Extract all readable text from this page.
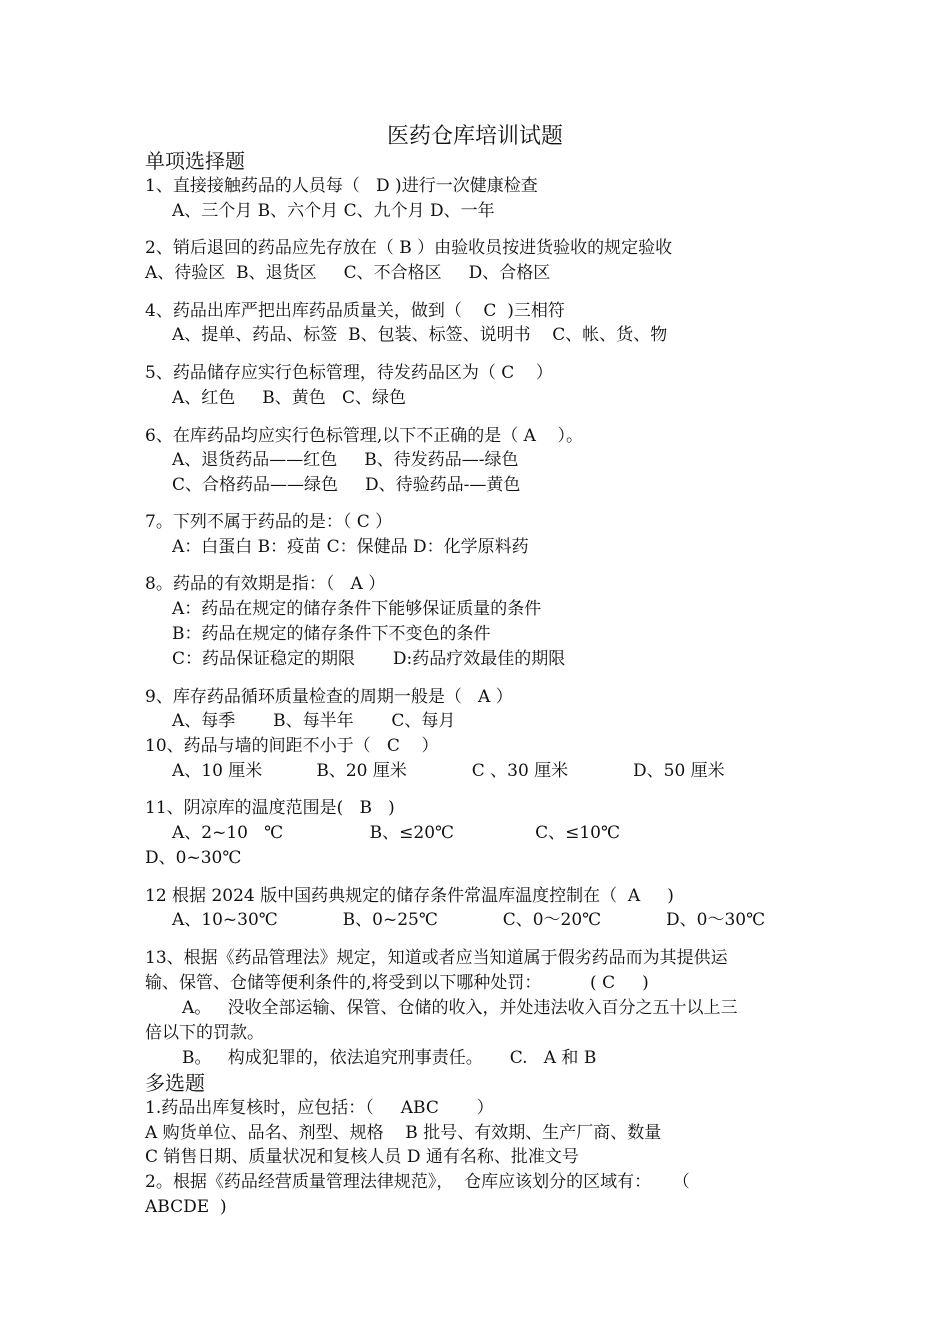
医药仓库培训试题
单项选择题
1、直接接触药品的人员每（   D )进行一次健康检查
A、三个月 B、六个月 C、九个月 D、一年
2、销后退回的药品应先存放在（ B ）由验收员按进货验收的规定验收
A、待验区  B、退货区     C、不合格区     D、合格区
4、药品出库严把出库药品质量关，做到（    C  )三相符
A、提单、药品、标签  B、包装、标签、说明书    C、帐、货、物
5、药品储存应实行色标管理，待发药品区为（ C    ）
A、红色     B、黄色   C、绿色
6、在库药品均应实行色标管理,以下不正确的是（ A    ）。
A、退货药品——红色     B、待发药品—-绿色
C、合格药品——绿色     D、待验药品-—黄色
7。下列不属于药品的是：（ C ）
A：白蛋白 B：疫苗 C：保健品 D：化学原料药
8。药品的有效期是指：（   A ）
A：药品在规定的储存条件下能够保证质量的条件
B：药品在规定的储存条件下不变色的条件
C：药品保证稳定的期限       D:药品疗效最佳的期限
9、库存药品循环质量检查的周期一般是（   A ）
A、每季       B、每半年       C、每月
10、药品与墙的间距不小于（   C    ）
A、10 厘米          B、20 厘米            C 、30 厘米            D、50 厘米
11、阴凉库的温度范围是(   B   )
A、2~10   ℃                B、≤20℃               C、≤10℃
D、0~30℃
12 根据 2024 版中国药典规定的储存条件常温库温度控制在（  A     )
A、10~30℃            B、0~25℃            C、0～20℃            D、0～30℃
13、根据《药品管理法》规定，知道或者应当知道属于假劣药品而为其提供运
输、保管、仓储等便利条件的,将受到以下哪种处罚：         ( C     )
A。   没收全部运输、保管、仓储的收入，并处违法收入百分之五十以上三
倍以下的罚款。
B。   构成犯罪的，依法追究刑事责任。     C.   A 和 B
多选题
1.药品出库复核时，应包括：（     ABC       ）
A 购货单位、品名、剂型、规格    B 批号、有效期、生产厂商、数量
C 销售日期、质量状况和复核人员 D 通有名称、批准文号
2。根据《药品经营质量管理法律规范》，  仓库应该划分的区域有：    （
ABCDE  )
